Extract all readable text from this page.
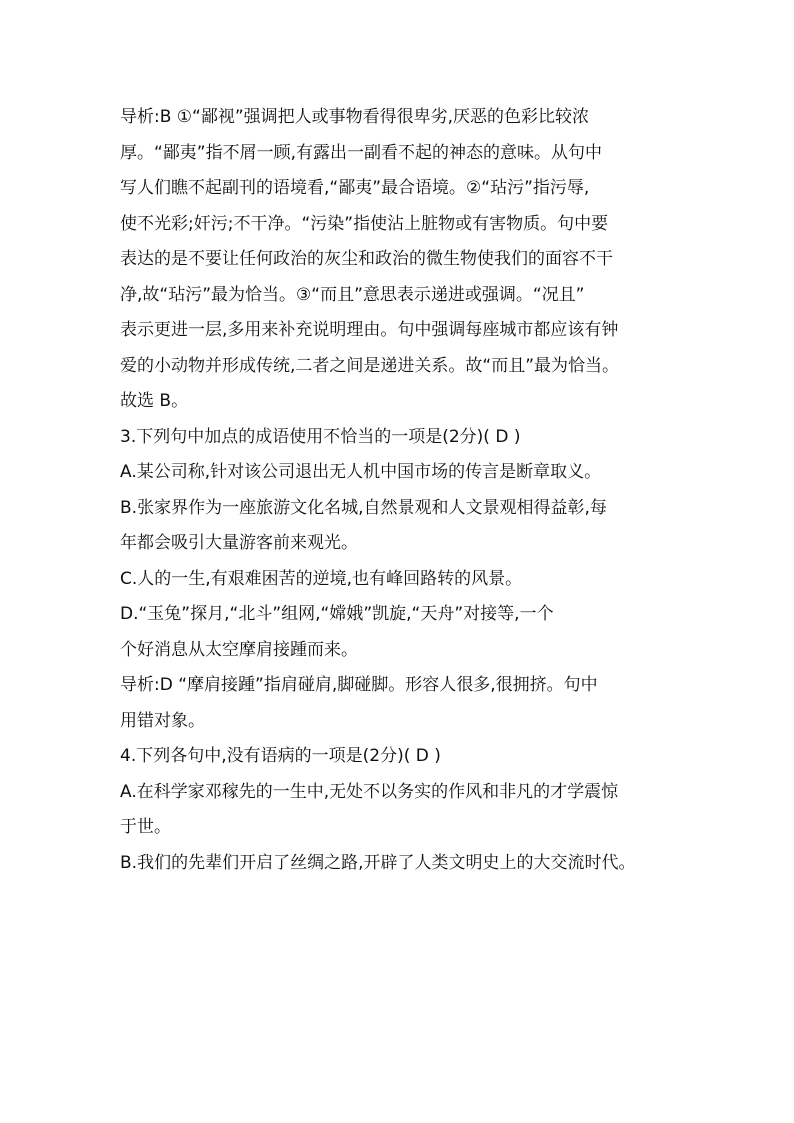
导析:B ①“鄙视”强调把人或事物看得很卑劣,厌恶的色彩比较浓
厚。“鄙夷”指不屑一顾,有露出一副看不起的神态的意味。从句中
写人们瞧不起副刊的语境看,“鄙夷”最合语境。②“玷污”指污辱,
使不光彩;奸污;不干净。“污染”指使沾上脏物或有害物质。句中要
表达的是不要让任何政治的灰尘和政治的微生物使我们的面容不干
净,故“玷污”最为恰当。③“而且”意思表示递进或强调。“况且”
表示更进一层,多用来补充说明理由。句中强调每座城市都应该有钟
爱的小动物并形成传统,二者之间是递进关系。故“而且”最为恰当。
故选 B。
3.下列句中加点的成语使用不恰当的一项是(2分)( D )
A.某公司称,针对该公司退出无人机中国市场的传言是断章取义。
B.张家界作为一座旅游文化名城,自然景观和人文景观相得益彰,每
年都会吸引大量游客前来观光。
C.人的一生,有艰难困苦的逆境,也有峰回路转的风景。
D.“玉兔”探月,“北斗”组网,“嫦娥”凯旋,“天舟”对接等,一个
个好消息从太空摩肩接踵而来。
导析:D “摩肩接踵”指肩碰肩,脚碰脚。形容人很多,很拥挤。句中
用错对象。
4.下列各句中,没有语病的一项是(2分)( D )
A.在科学家邓稼先的一生中,无处不以务实的作风和非凡的才学震惊
于世。
B.我们的先辈们开启了丝绸之路,开辟了人类文明史上的大交流时代。
